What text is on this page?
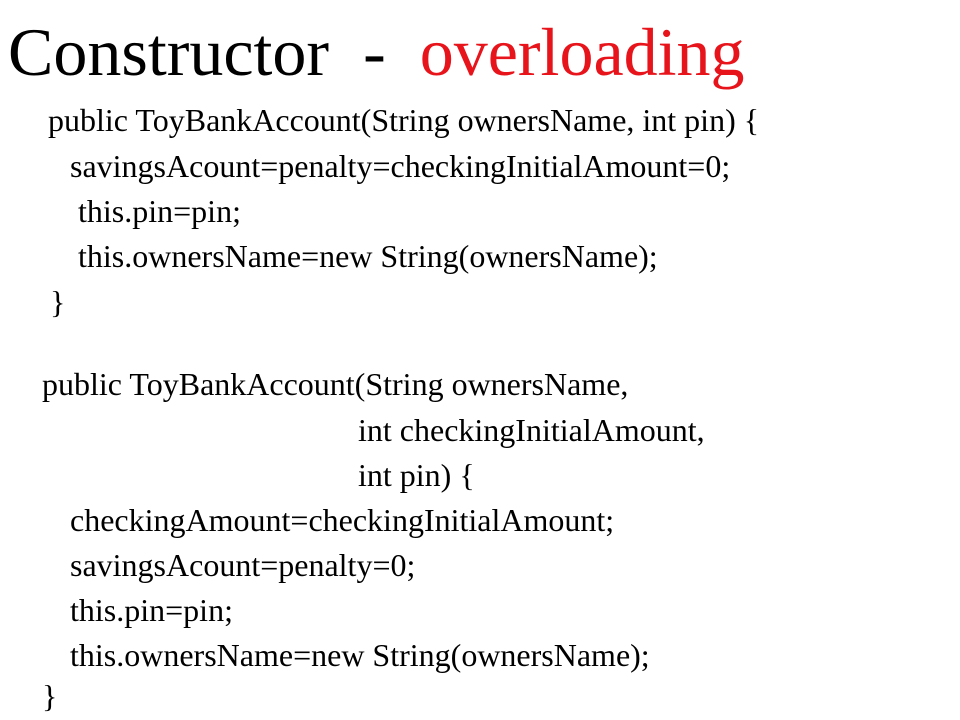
Constructor  -  overloading
public ToyBankAccount(String ownersName, int pin) {
savingsAcount=penalty=checkingInitialAmount=0;
this.pin=pin;
this.ownersName=new String(ownersName);
}
public ToyBankAccount(String ownersName,
int checkingInitialAmount,
int pin) {
checkingAmount=checkingInitialAmount;
savingsAcount=penalty=0;
this.pin=pin;
this.ownersName=new String(ownersName);
}
